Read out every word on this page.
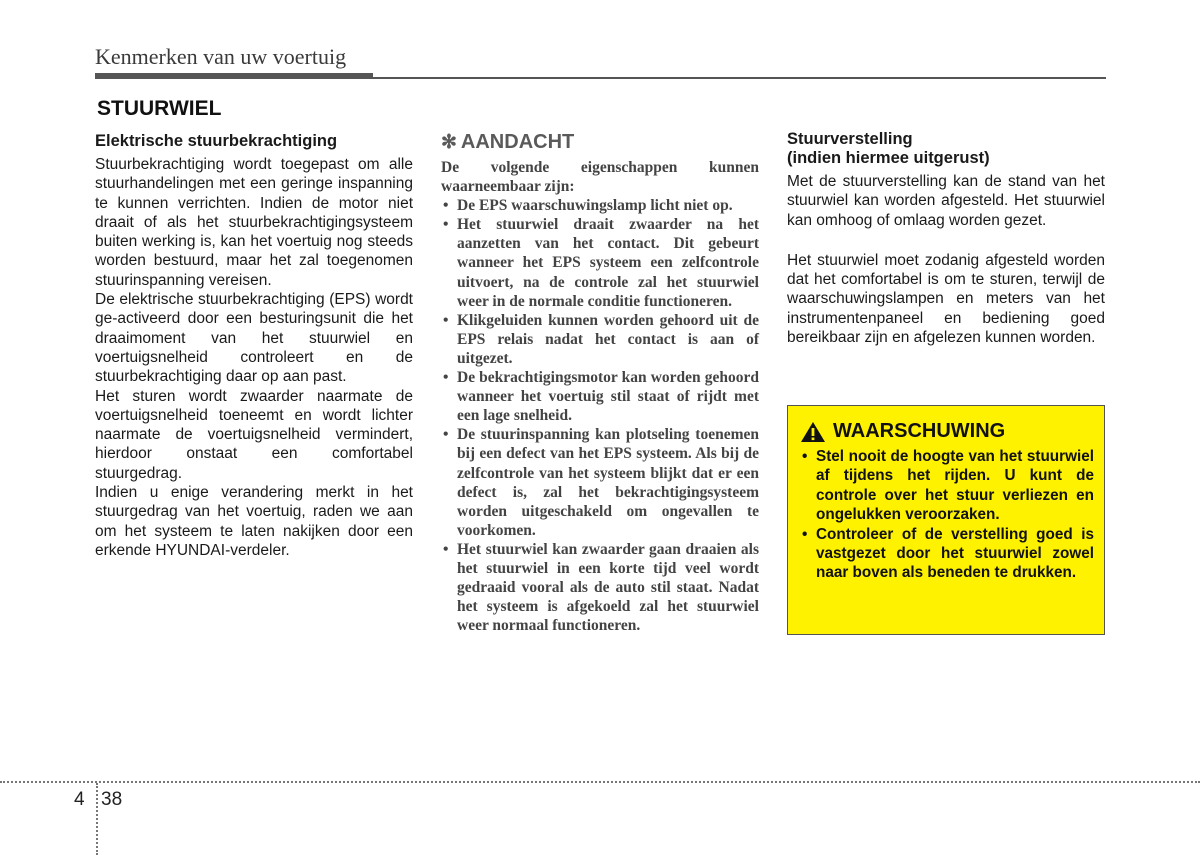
Kenmerken van uw voertuig
STUURWIEL
Elektrische stuurbekrachtiging

Stuurbekrachtiging wordt toegepast om alle stuurhandelingen met een geringe inspanning te kunnen verrichten. Indien de motor niet draait of als het stuurbekrachtigingsysteem buiten werking is, kan het voertuig nog steeds worden bestuurd, maar het zal toegenomen stuurinspanning vereisen.

De elektrische stuurbekrachtiging (EPS) wordt ge-activeerd door een besturingsunit die het draaimoment van het stuurwiel en voertuigsnelheid controleert en de stuurbekrachtiging daar op aan past.

Het sturen wordt zwaarder naarmate de voertuigsnelheid toeneemt en wordt lichter naarmate de voertuigsnelheid vermindert, hierdoor onstaat een comfortabel stuurgedrag.

Indien u enige verandering merkt in het stuurgedrag van het voertuig, raden we aan om het systeem te laten nakijken door een erkende HYUNDAI-verdeler.

✻ AANDACHT
De volgende eigenschappen kunnen waarneembaar zijn:
• De EPS waarschuwingslamp licht niet op.
• Het stuurwiel draait zwaarder na het aanzetten van het contact. Dit gebeurt wanneer het EPS systeem een zelfcontrole uitvoert, na de controle zal het stuurwiel weer in de normale conditie functioneren.
• Klikgeluiden kunnen worden gehoord uit de EPS relais nadat het contact is aan of uitgezet.
• De bekrachtigingsmotor kan worden gehoord wanneer het voertuig stil staat of rijdt met een lage snelheid.
• De stuurinspanning kan plotseling toenemen bij een defect van het EPS systeem. Als bij de zelfcontrole van het systeem blijkt dat er een defect is, zal het bekrachtigingsysteem worden uitgeschakeld om ongevallen te voorkomen.
• Het stuurwiel kan zwaarder gaan draaien als het stuurwiel in een korte tijd veel wordt gedraaid vooral als de auto stil staat. Nadat het systeem is afgekoeld zal het stuurwiel weer normaal functioneren.
Stuurverstelling
(indien hiermee uitgerust)

Met de stuurverstelling kan de stand van het stuurwiel kan worden afgesteld. Het stuurwiel kan omhoog of omlaag worden gezet.

Het stuurwiel moet zodanig afgesteld worden dat het comfortabel is om te sturen, terwijl de waarschuwingslampen en meters van het instrumentenpaneel en bediening goed bereikbaar zijn en afgelezen kunnen worden.

WAARSCHUWING
• Stel nooit de hoogte van het stuurwiel af tijdens het rijden. U kunt de controle over het stuur verliezen en ongelukken veroorzaken.
• Controleer of de verstelling goed is vastgezet door het stuurwiel zowel naar boven als beneden te drukken.
4 38
